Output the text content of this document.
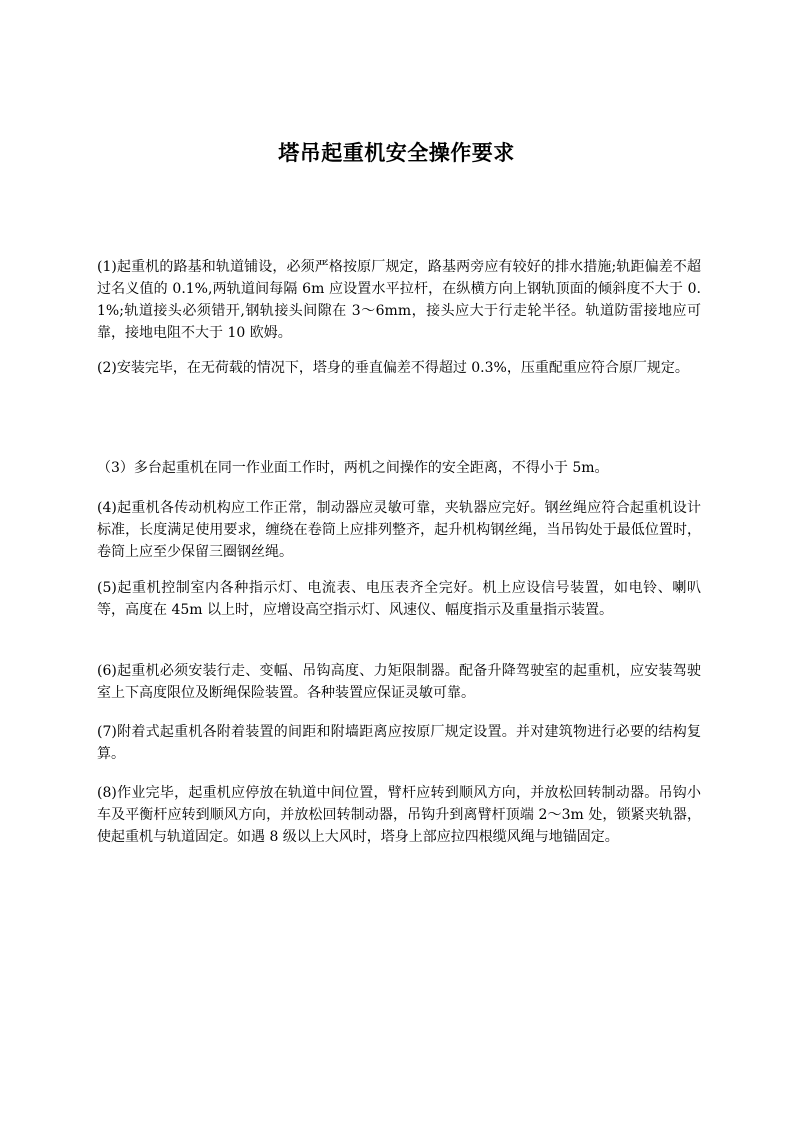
塔吊起重机安全操作要求

(1)起重机的路基和轨道铺设，必须严格按原厂规定，路基两旁应有较好的排水措施;轨距偏差不超过名义值的 0.1%,两轨道间每隔 6m 应设置水平拉杆，在纵横方向上钢轨顶面的倾斜度不大于 0.1%;轨道接头必须错开,钢轨接头间隙在 3～6mm，接头应大于行走轮半径。轨道防雷接地应可靠，接地电阻不大于 10 欧姆。

(2)安装完毕，在无荷载的情况下，塔身的垂直偏差不得超过 0.3%，压重配重应符合原厂规定。

（3）多台起重机在同一作业面工作时，两机之间操作的安全距离，不得小于 5m。

(4)起重机各传动机构应工作正常，制动器应灵敏可靠，夹轨器应完好。钢丝绳应符合起重机设计标准，长度满足使用要求，缠绕在卷筒上应排列整齐，起升机构钢丝绳，当吊钩处于最低位置时，卷筒上应至少保留三圈钢丝绳。

(5)起重机控制室内各种指示灯、电流表、电压表齐全完好。机上应设信号装置，如电铃、喇叭等，高度在 45m 以上时，应增设高空指示灯、风速仪、幅度指示及重量指示装置。

(6)起重机必须安装行走、变幅、吊钩高度、力矩限制器。配备升降驾驶室的起重机，应安装驾驶室上下高度限位及断绳保险装置。各种装置应保证灵敏可靠。

(7)附着式起重机各附着装置的间距和附墙距离应按原厂规定设置。并对建筑物进行必要的结构复算。

(8)作业完毕，起重机应停放在轨道中间位置，臂杆应转到顺风方向，并放松回转制动器。吊钩小车及平衡杆应转到顺风方向，并放松回转制动器，吊钩升到离臂杆顶端 2～3m 处，锁紧夹轨器，使起重机与轨道固定。如遇 8 级以上大风时，塔身上部应拉四根缆风绳与地锚固定。
